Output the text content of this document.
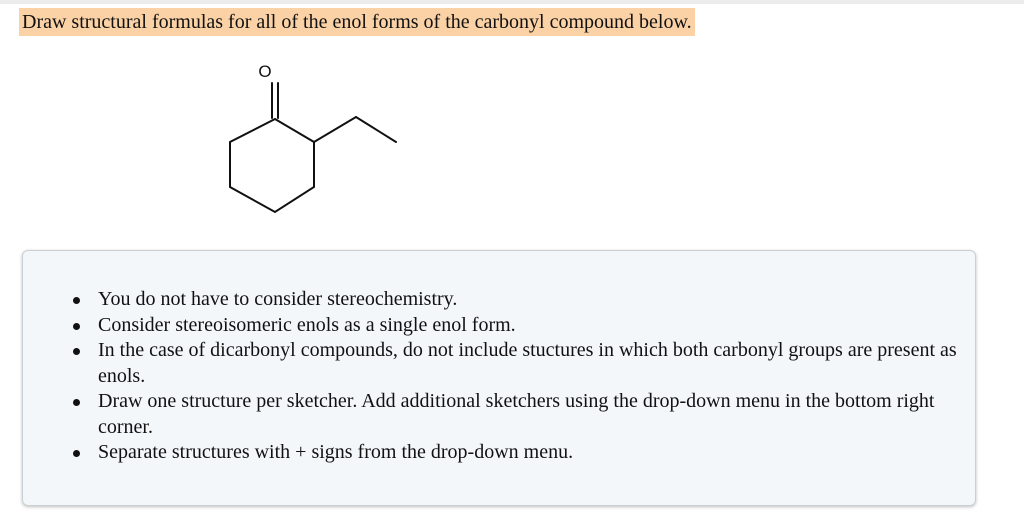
Draw structural formulas for all of the enol forms of the carbonyl compound below.
O
You do not have to consider stereochemistry.
Consider stereoisomeric enols as a single enol form.
In the case of dicarbonyl compounds, do not include stuctures in which both carbonyl groups are present as enols.
Draw one structure per sketcher. Add additional sketchers using the drop-down menu in the bottom right corner.
Separate structures with + signs from the drop-down menu.
